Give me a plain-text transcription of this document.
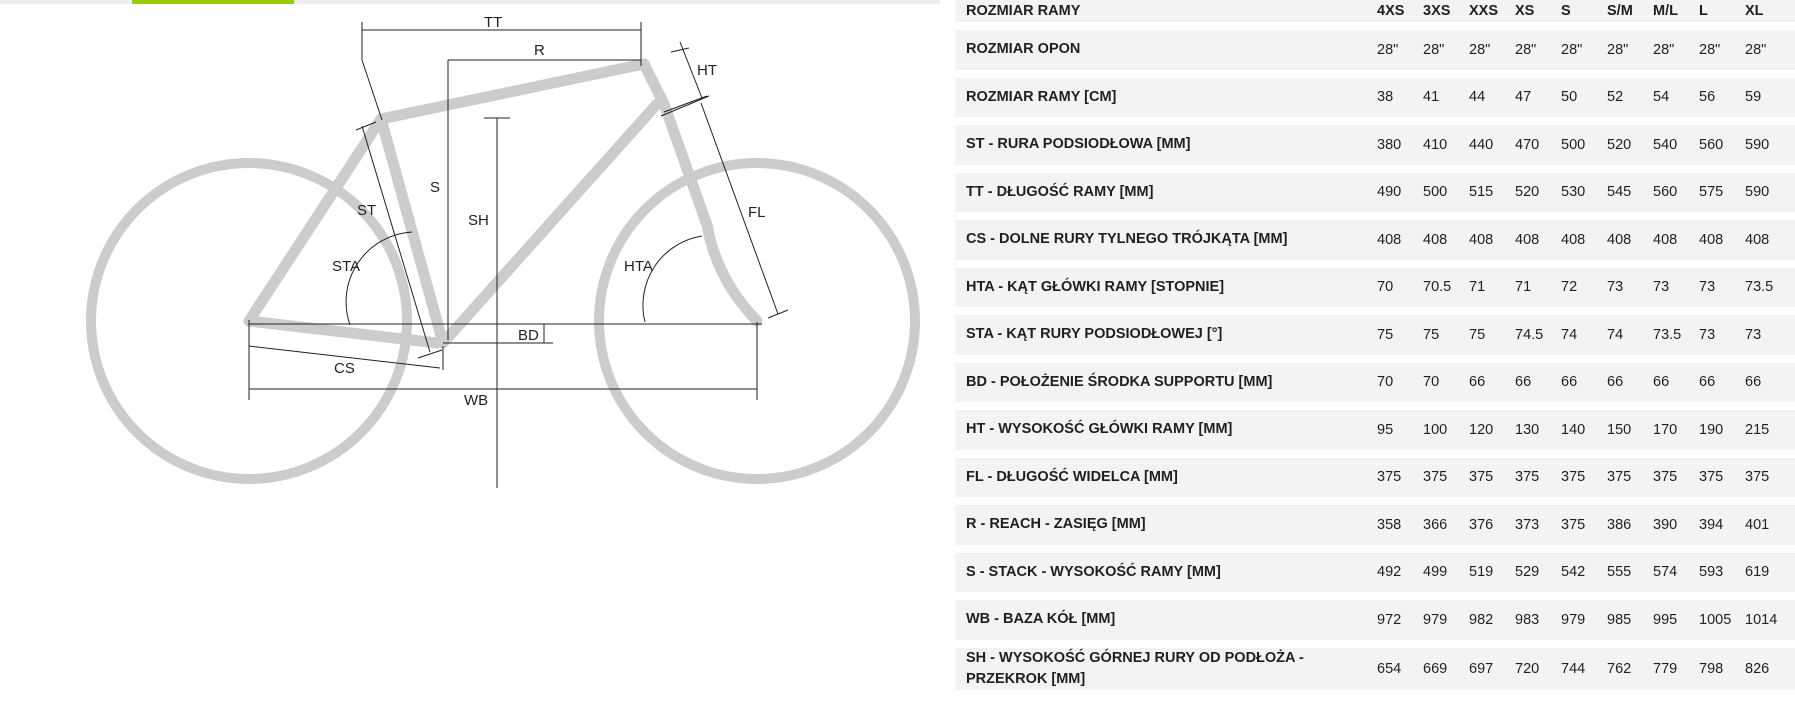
TT
R
HT
S
SH
ST
STA
FL
HTA
BD
CS
WB
ROZMIAR RAMY	4XS	3XS	XXS	XS	S	S/M	M/L	L	XL
ROZMIAR OPON	28"	28"	28"	28"	28"	28"	28"	28"	28"
ROZMIAR RAMY [CM]	38	41	44	47	50	52	54	56	59
ST - RURA PODSIODŁOWA [MM]	380	410	440	470	500	520	540	560	590
TT - DŁUGOŚĆ RAMY [MM]	490	500	515	520	530	545	560	575	590
CS - DOLNE RURY TYLNEGO TRÓJKĄTA [MM]	408	408	408	408	408	408	408	408	408
HTA - KĄT GŁÓWKI RAMY [STOPNIE]	70	70.5	71	71	72	73	73	73	73.5
STA - KĄT RURY PODSIODŁOWEJ [°]	75	75	75	74.5	74	74	73.5	73	73
BD - POŁOŻENIE ŚRODKA SUPPORTU [MM]	70	70	66	66	66	66	66	66	66
HT - WYSOKOŚĆ GŁÓWKI RAMY [MM]	95	100	120	130	140	150	170	190	215
FL - DŁUGOŚĆ WIDELCA [MM]	375	375	375	375	375	375	375	375	375
R - REACH - ZASIĘG [MM]	358	366	376	373	375	386	390	394	401
S - STACK - WYSOKOŚĆ RAMY [MM]	492	499	519	529	542	555	574	593	619
WB - BAZA KÓŁ [MM]	972	979	982	983	979	985	995	1005	1014
SH - WYSOKOŚĆ GÓRNEJ RURY OD PODŁOŻA - PRZEKROK [MM]	654	669	697	720	744	762	779	798	826
